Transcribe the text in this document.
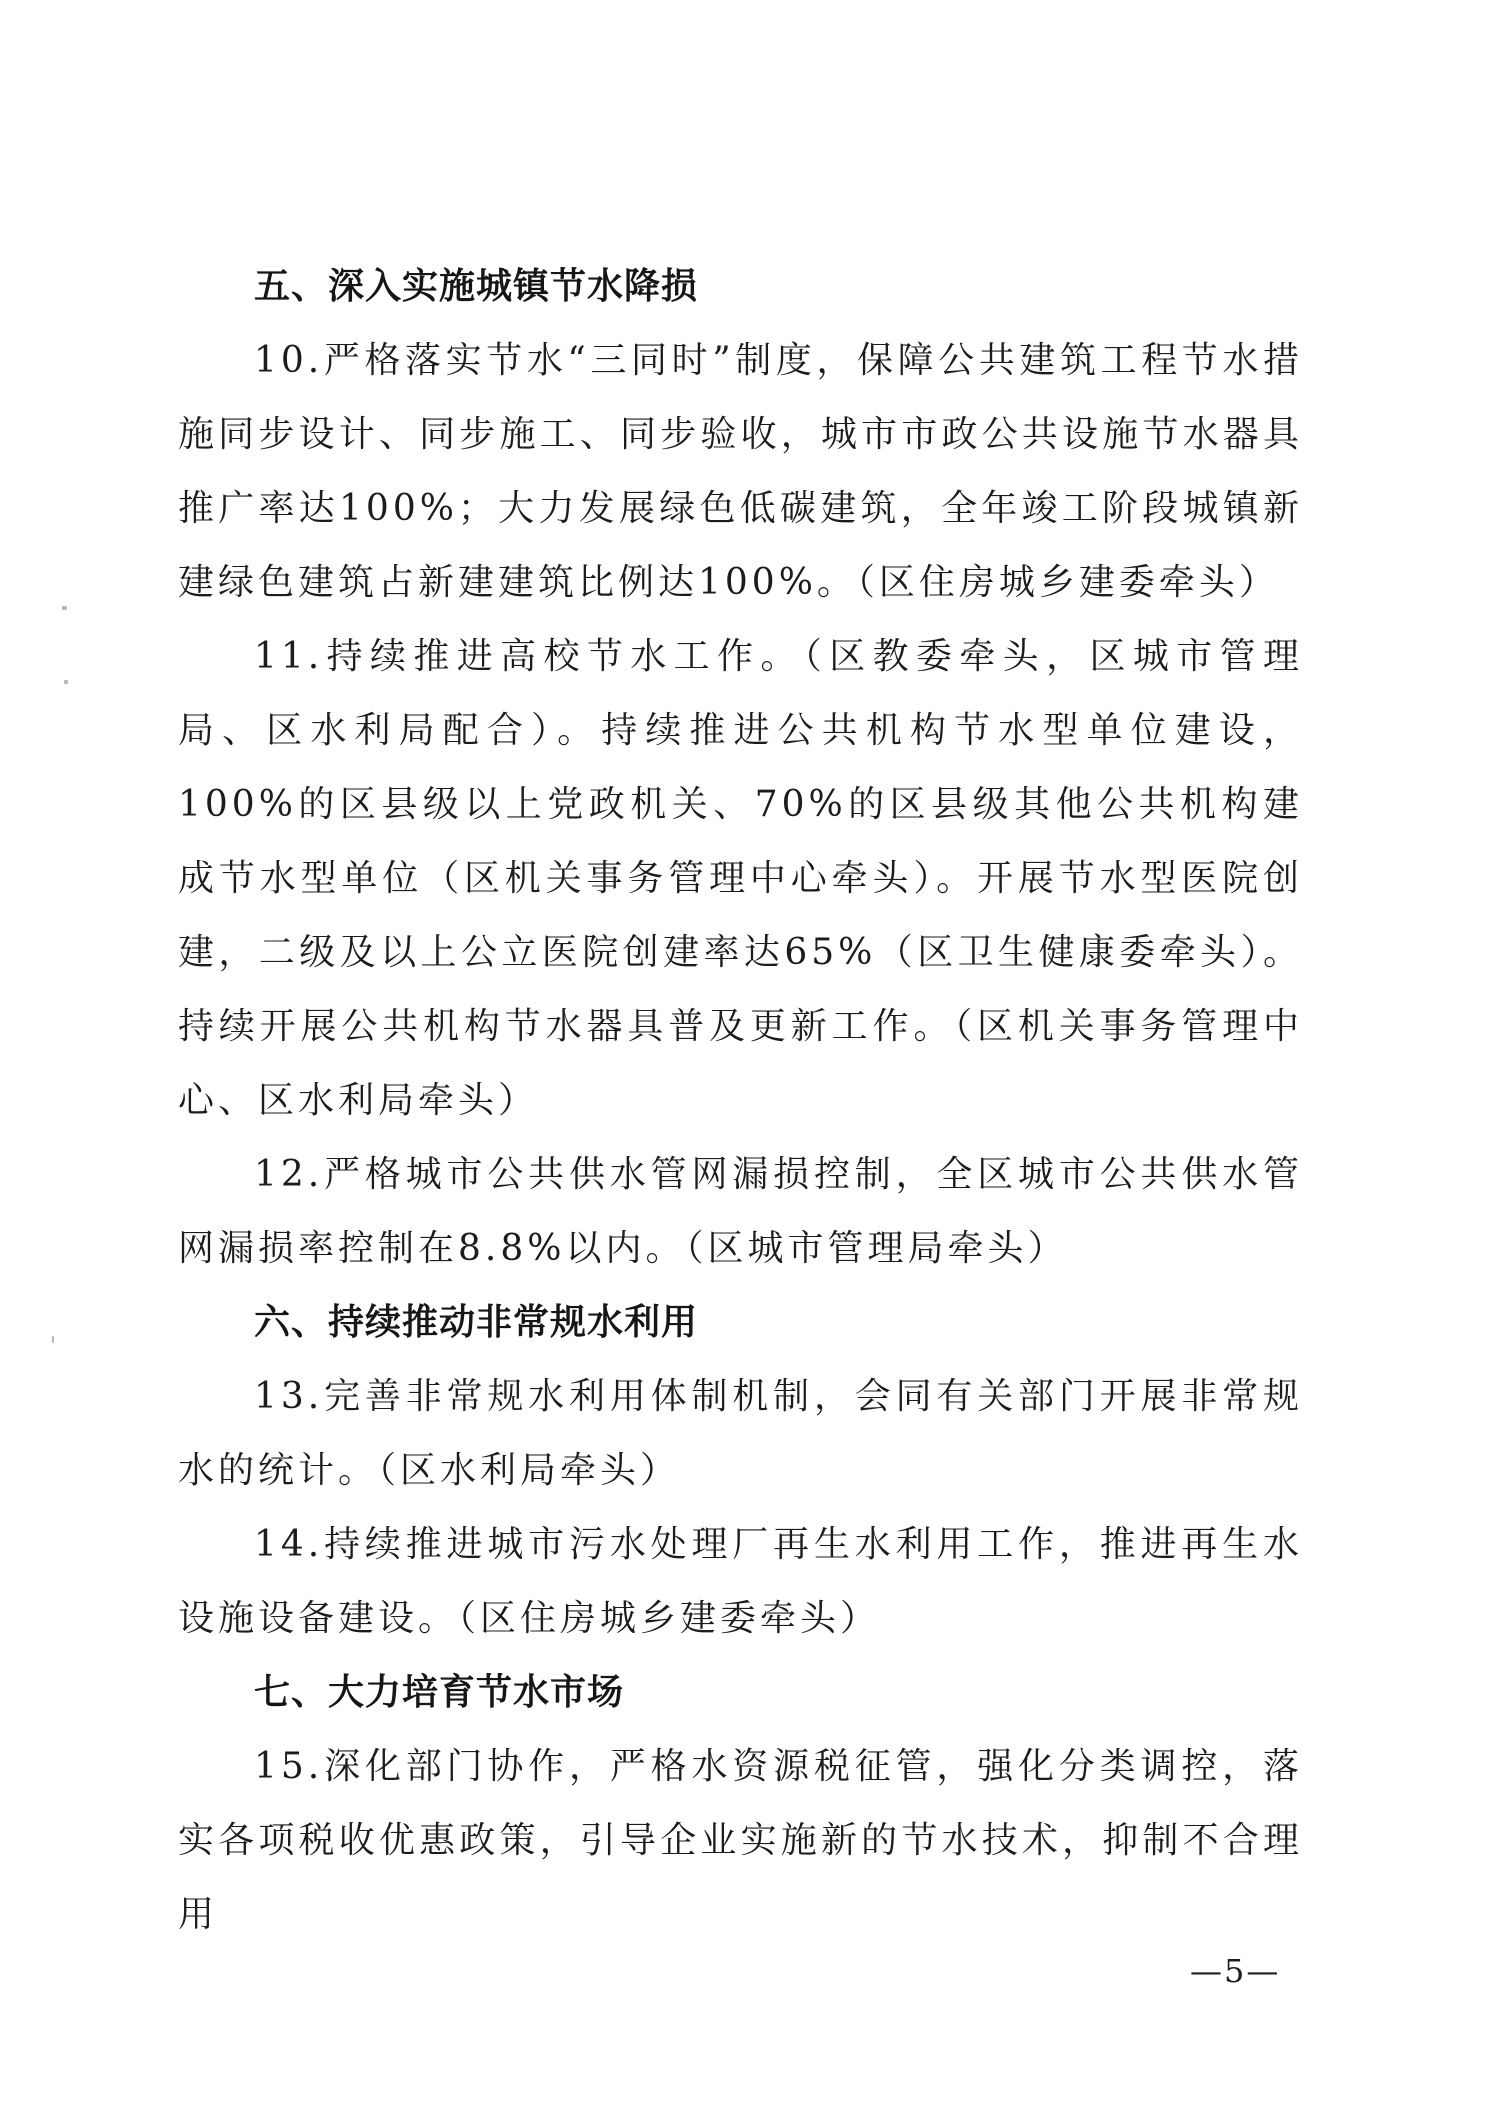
五、深入实施城镇节水降损

10.严格落实节水“三同时”制度，保障公共建筑工程节水措施同步设计、同步施工、同步验收，城市市政公共设施节水器具推广率达100%；大力发展绿色低碳建筑，全年竣工阶段城镇新建绿色建筑占新建建筑比例达100%。（区住房城乡建委牵头）

11.持续推进高校节水工作。（区教委牵头，区城市管理局、区水利局配合）。持续推进公共机构节水型单位建设，100%的区县级以上党政机关、70%的区县级其他公共机构建成节水型单位（区机关事务管理中心牵头）。开展节水型医院创建，二级及以上公立医院创建率达65%（区卫生健康委牵头）。持续开展公共机构节水器具普及更新工作。（区机关事务管理中心、区水利局牵头）

12.严格城市公共供水管网漏损控制，全区城市公共供水管网漏损率控制在8.8%以内。（区城市管理局牵头）

六、持续推动非常规水利用

13.完善非常规水利用体制机制，会同有关部门开展非常规水的统计。（区水利局牵头）

14.持续推进城市污水处理厂再生水利用工作，推进再生水设施设备建设。（区住房城乡建委牵头）

七、大力培育节水市场

15.深化部门协作，严格水资源税征管，强化分类调控，落实各项税收优惠政策，引导企业实施新的节水技术，抑制不合理用

—5—
